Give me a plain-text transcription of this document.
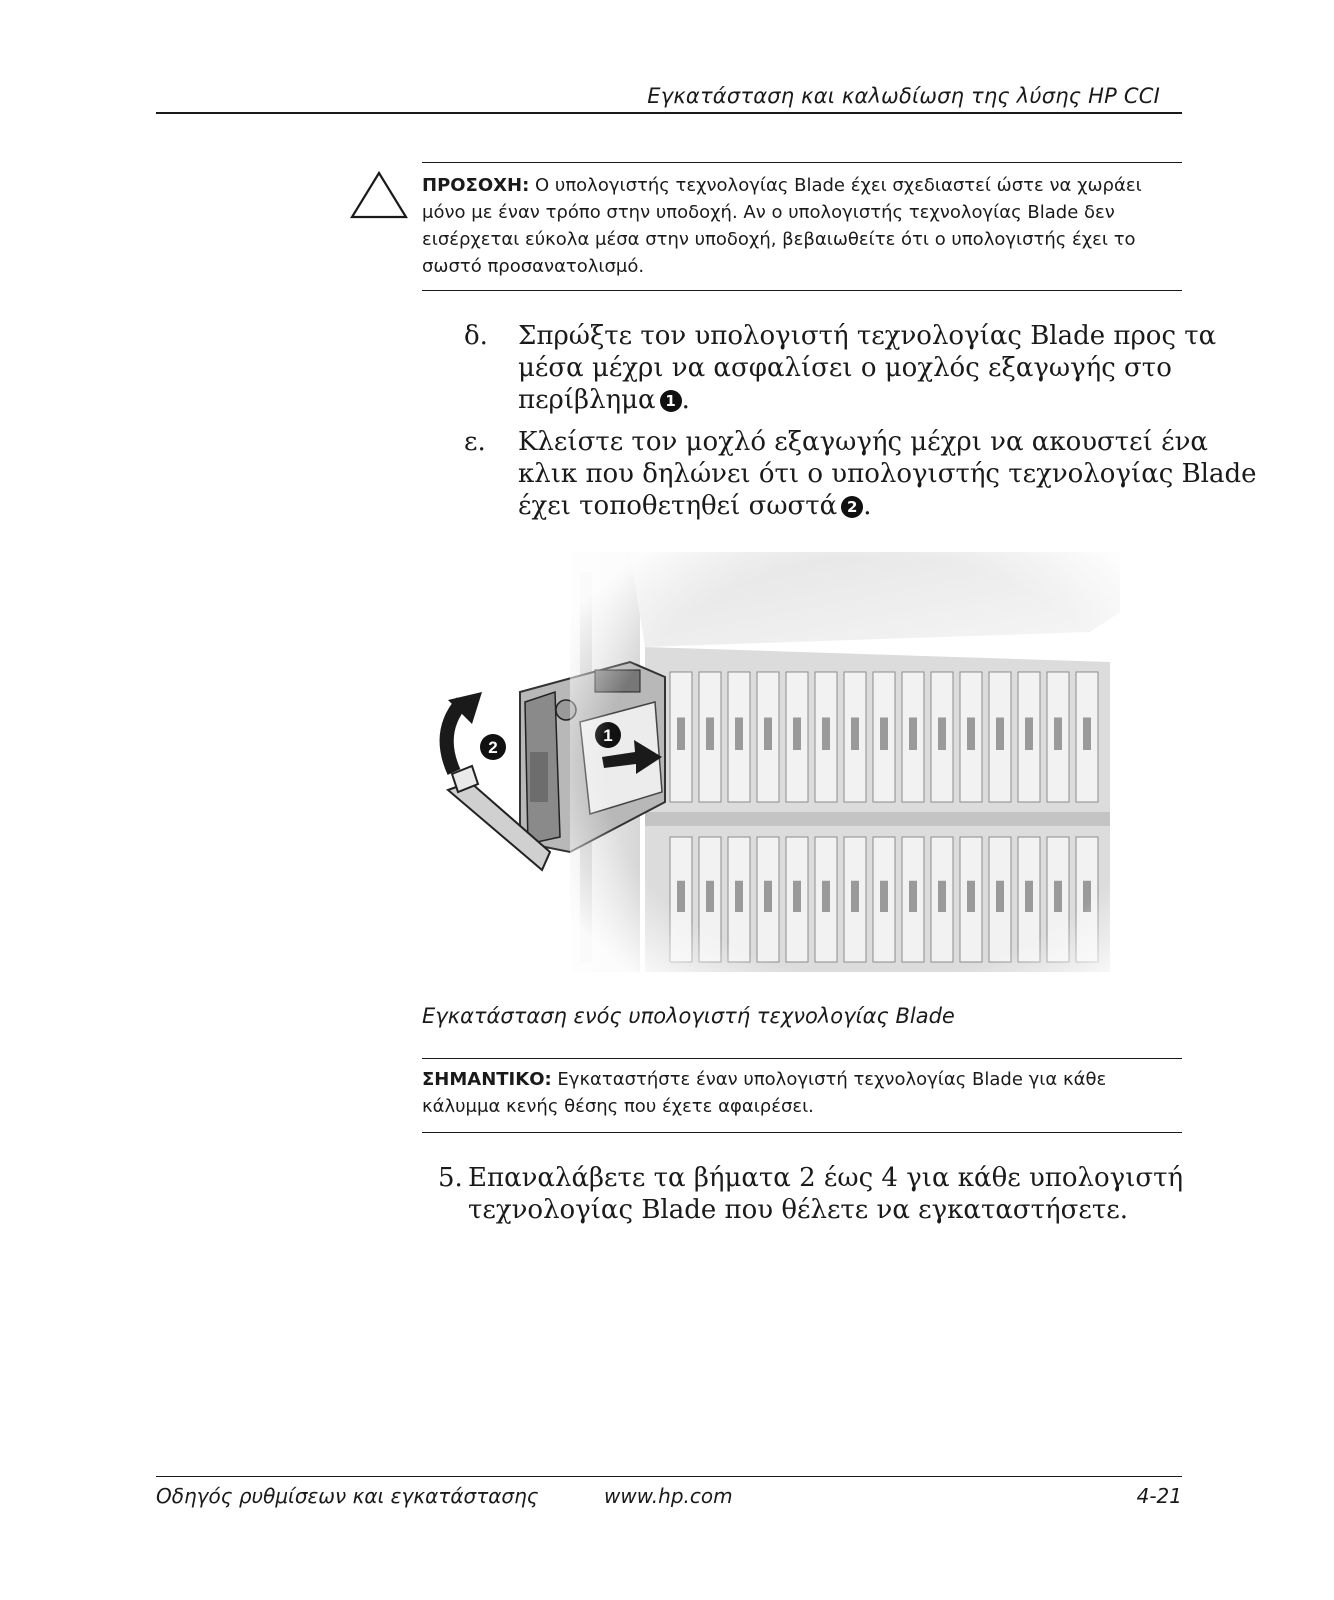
Εγκατάσταση και καλωδίωση της λύσης HP CCI
ΠΡΟΣΟΧΗ: Ο υπολογιστής τεχνολογίας Blade έχει σχεδιαστεί ώστε να χωράει
μόνο με έναν τρόπο στην υποδοχή. Αν ο υπολογιστής τεχνολογίας Blade δεν
εισέρχεται εύκολα μέσα στην υποδοχή, βεβαιωθείτε ότι ο υπολογιστής έχει το
σωστό προσανατολισμό.
δ. Σπρώξτε τον υπολογιστή τεχνολογίας Blade προς τα
μέσα μέχρι να ασφαλίσει ο μοχλός εξαγωγής στο
περίβλημα 1 .
ε. Κλείστε τον μοχλό εξαγωγής μέχρι να ακουστεί ένα
κλικ που δηλώνει ότι ο υπολογιστής τεχνολογίας Blade
έχει τοποθετηθεί σωστά 2 .
2
Εγκατάσταση ενός υπολογιστή τεχνολογίας Blade
ΣΗΜΑΝΤΙΚΟ: Εγκαταστήστε έναν υπολογιστή τεχνολογίας Blade για κάθε
κάλυμμα κενής θέσης που έχετε αφαιρέσει.
5. Επαναλάβετε τα βήματα 2 έως 4 για κάθε υπολογιστή
τεχνολογίας Blade που θέλετε να εγκαταστήσετε.
Οδηγός ρυθμίσεων και εγκατάστασης	www.hp.com	4-21
